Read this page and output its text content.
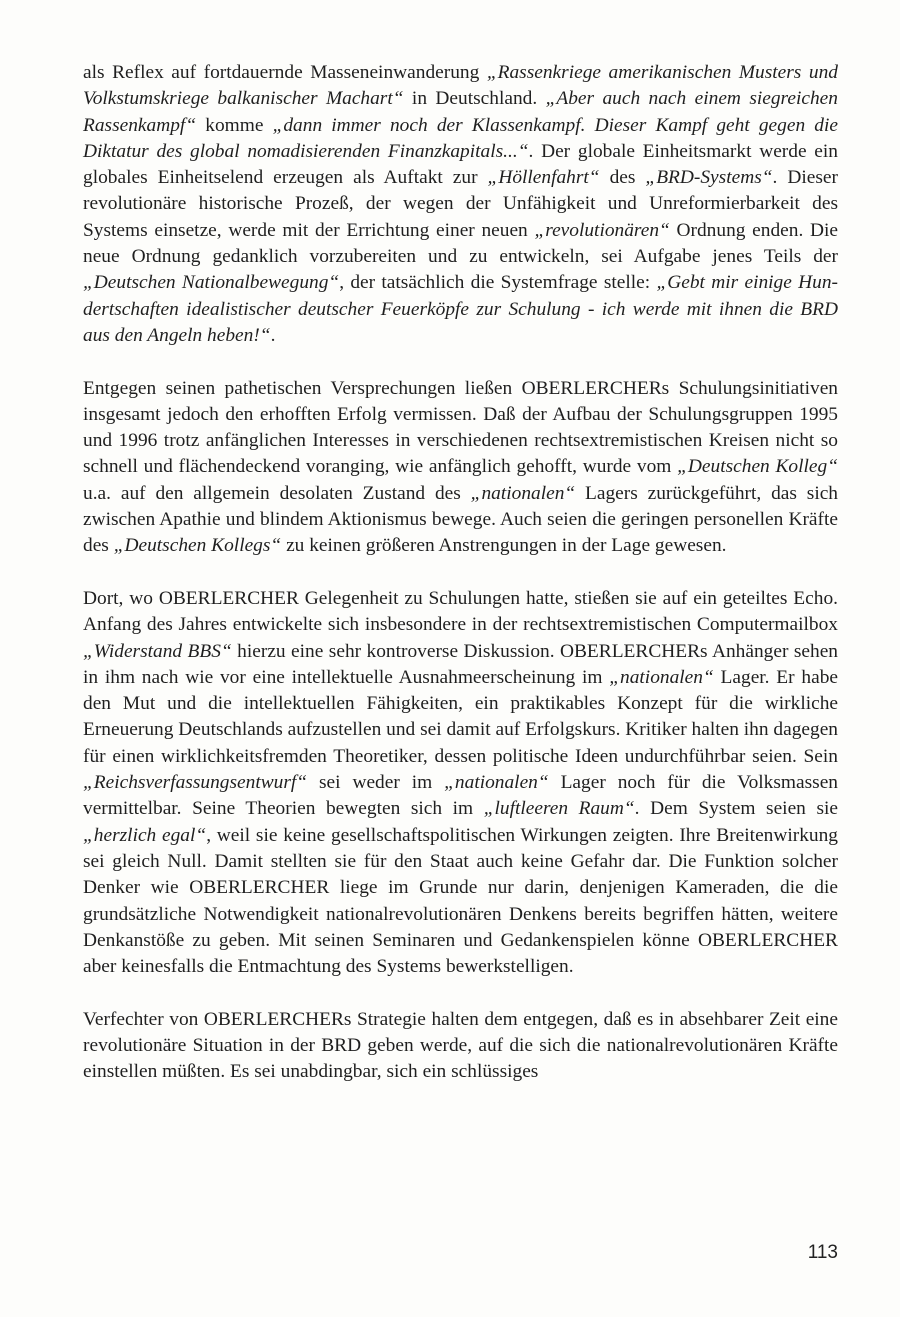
als Reflex auf fortdauernde Masseneinwanderung „Rassenkriege amerikanischen Musters und Volkstumskriege balkanischer Machart“ in Deutschland. „Aber auch nach einem siegreichen Rassenkampf“ komme „dann immer noch der Klassenkampf. Dieser Kampf geht gegen die Diktatur des global nomadisierenden Finanzkapitals...“. Der globale Einheitsmarkt werde ein globales Einheitselend erzeugen als Auftakt zur „Höllenfahrt“ des „BRD-Systems“. Dieser revolutionäre historische Prozeß, der wegen der Unfähigkeit und Unreformierbarkeit des Systems einsetze, werde mit der Errichtung einer neuen „revolutionären“ Ordnung enden. Die neue Ordnung gedanklich vorzubereiten und zu entwickeln, sei Aufgabe jenes Teils der „Deutschen Nationalbewegung“, der tatsächlich die Systemfrage stelle: „Gebt mir einige Hundertschaften idealistischer deutscher Feuerköpfe zur Schulung - ich werde mit ihnen die BRD aus den Angeln heben!“.

Entgegen seinen pathetischen Versprechungen ließen OBERLERCHERs Schulungsinitiativen insgesamt jedoch den erhofften Erfolg vermissen. Daß der Aufbau der Schulungsgruppen 1995 und 1996 trotz anfänglichen Interesses in verschiedenen rechtsextremistischen Kreisen nicht so schnell und flächendeckend voranging, wie anfänglich gehofft, wurde vom „Deutschen Kolleg“ u.a. auf den allgemein desolaten Zustand des „nationalen“ Lagers zurückgeführt, das sich zwischen Apathie und blindem Aktionismus bewege. Auch seien die geringen personellen Kräfte des „Deutschen Kollegs“ zu keinen größeren Anstrengungen in der Lage gewesen.

Dort, wo OBERLERCHER Gelegenheit zu Schulungen hatte, stießen sie auf ein geteiltes Echo. Anfang des Jahres entwickelte sich insbesondere in der rechtsextremistischen Computermailbox „Widerstand BBS“ hierzu eine sehr kontroverse Diskussion. OBERLERCHERs Anhänger sehen in ihm nach wie vor eine intellektuelle Ausnahmeerscheinung im „nationalen“ Lager. Er habe den Mut und die intellektuellen Fähigkeiten, ein praktikables Konzept für die wirkliche Erneuerung Deutschlands aufzustellen und sei damit auf Erfolgskurs. Kritiker halten ihn dagegen für einen wirklichkeitsfremden Theoretiker, dessen politische Ideen undurchführbar seien. Sein „Reichsverfassungsentwurf“ sei weder im „nationalen“ Lager noch für die Volksmassen vermittelbar. Seine Theorien bewegten sich im „luftleeren Raum“. Dem System seien sie „herzlich egal“, weil sie keine gesellschaftspolitischen Wirkungen zeigten. Ihre Breitenwirkung sei gleich Null. Damit stellten sie für den Staat auch keine Gefahr dar. Die Funktion solcher Denker wie OBERLERCHER liege im Grunde nur darin, denjenigen Kameraden, die die grundsätzliche Notwendigkeit nationalrevolutionären Denkens bereits begriffen hätten, weitere Denkanstöße zu geben. Mit seinen Seminaren und Gedankenspielen könne OBERLERCHER aber keinesfalls die Entmachtung des Systems bewerkstelligen.

Verfechter von OBERLERCHERs Strategie halten dem entgegen, daß es in absehbarer Zeit eine revolutionäre Situation in der BRD geben werde, auf die sich die nationalrevolutionären Kräfte einstellen müßten. Es sei unabdingbar, sich ein schlüssiges

113
